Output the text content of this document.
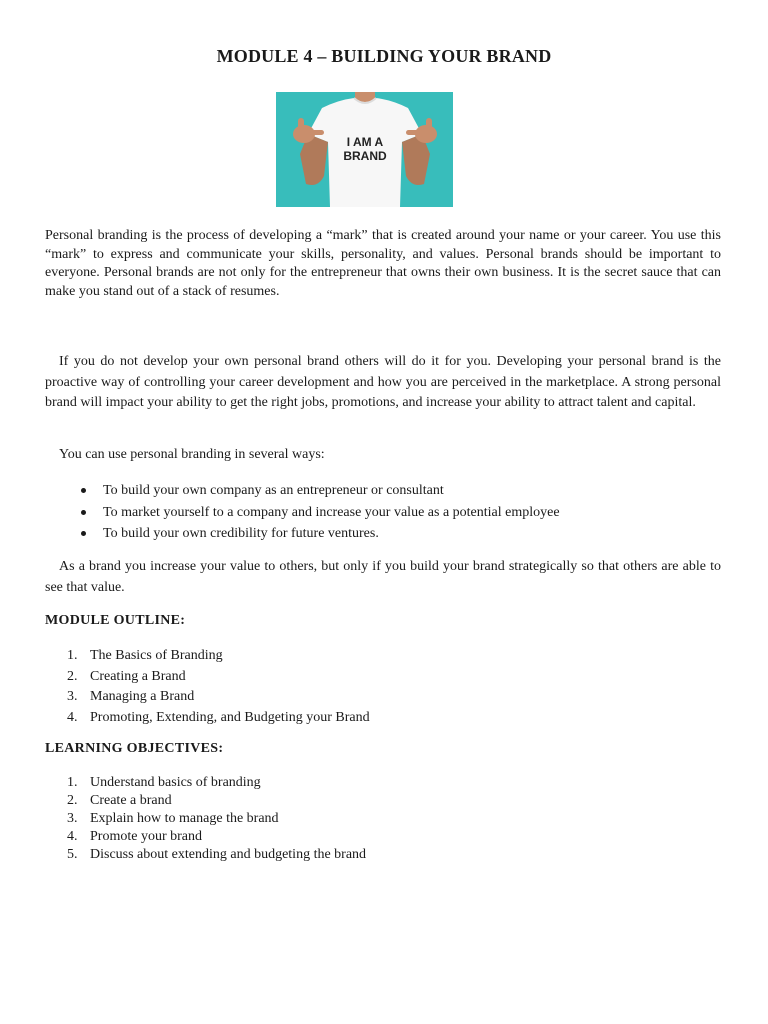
MODULE 4 – BUILDING YOUR BRAND
I AM A
BRAND

Personal branding is the process of developing a “mark” that is created around your name or your career. You use this “mark” to express and communicate your skills, personality, and values. Personal brands should be important to everyone. Personal brands are not only for the entrepreneur that owns their own business. It is the secret sauce that can make you stand out of a stack of resumes.

If you do not develop your own personal brand others will do it for you. Developing your personal brand is the proactive way of controlling your career development and how you are perceived in the marketplace. A strong personal brand will impact your ability to get the right jobs, promotions, and increase your ability to attract talent and capital.

You can use personal branding in several ways:

To build your own company as an entrepreneur or consultant
To market yourself to a company and increase your value as a potential employee
To build your own credibility for future ventures.

As a brand you increase your value to others, but only if you build your brand strategically so that others are able to see that value.

MODULE OUTLINE:
1. The Basics of Branding
2. Creating a Brand
3. Managing a Brand
4. Promoting, Extending, and Budgeting your Brand
LEARNING OBJECTIVES:
1. Understand basics of branding
2. Create a brand
3. Explain how to manage the brand
4. Promote your brand
5. Discuss about extending and budgeting the brand
